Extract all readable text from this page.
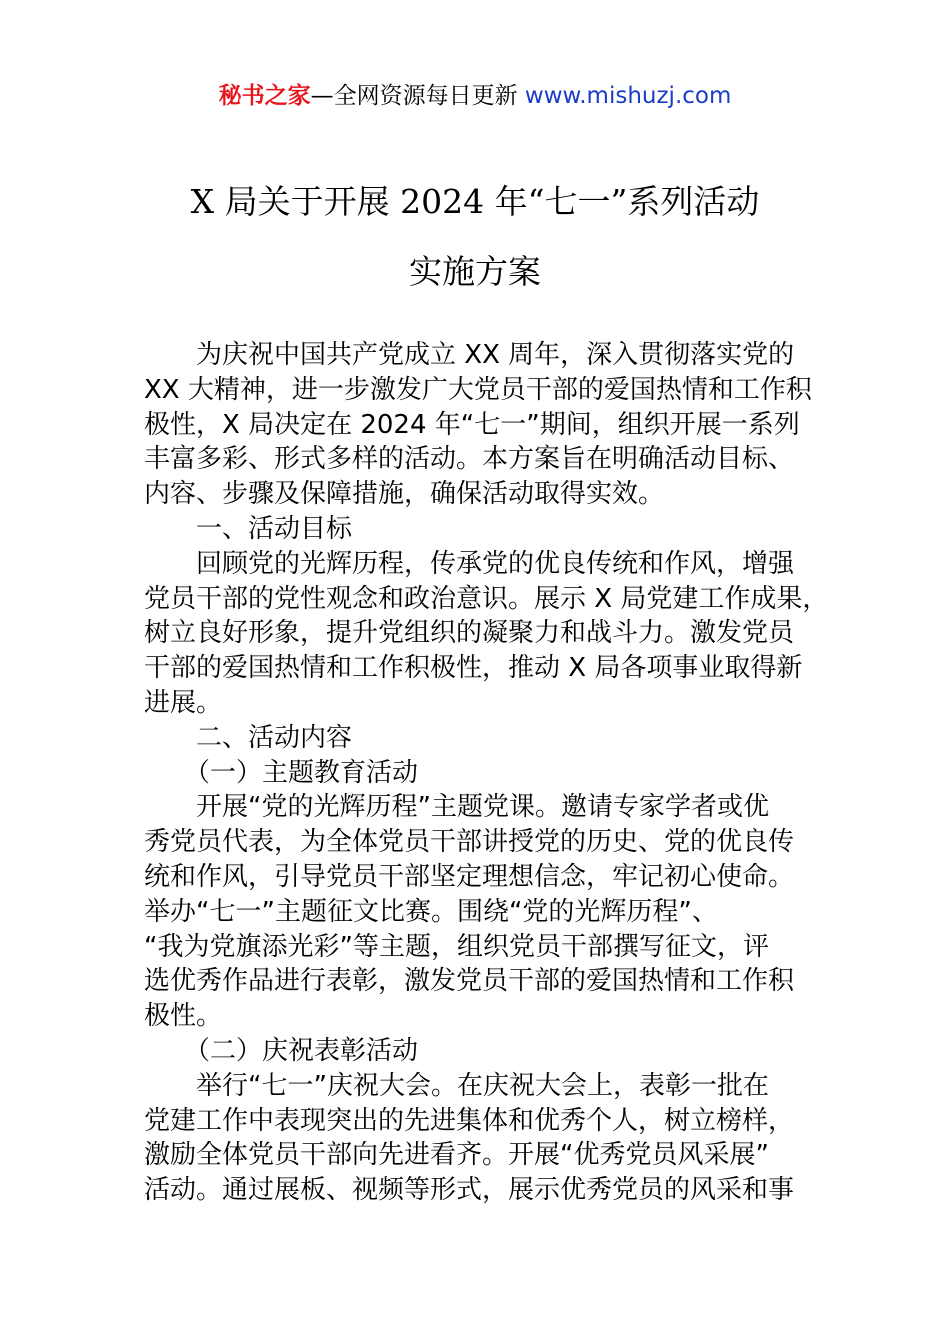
秘书之家—全网资源每日更新 www.mishuzj.com
X 局关于开展 2024 年“七一”系列活动
实施方案
为庆祝中国共产党成立 XX 周年，深入贯彻落实党的
XX 大精神，进一步激发广大党员干部的爱国热情和工作积
极性，X 局决定在 2024 年“七一”期间，组织开展一系列
丰富多彩、形式多样的活动。本方案旨在明确活动目标、
内容、步骤及保障措施，确保活动取得实效。
一、活动目标
回顾党的光辉历程，传承党的优良传统和作风，增强
党员干部的党性观念和政治意识。展示 X 局党建工作成果，
树立良好形象，提升党组织的凝聚力和战斗力。激发党员
干部的爱国热情和工作积极性，推动 X 局各项事业取得新
进展。
二、活动内容
（一）主题教育活动
开展“党的光辉历程”主题党课。邀请专家学者或优
秀党员代表，为全体党员干部讲授党的历史、党的优良传
统和作风，引导党员干部坚定理想信念，牢记初心使命。
举办“七一”主题征文比赛。围绕“党的光辉历程”、
“我为党旗添光彩”等主题，组织党员干部撰写征文，评
选优秀作品进行表彰，激发党员干部的爱国热情和工作积
极性。
（二）庆祝表彰活动
举行“七一”庆祝大会。在庆祝大会上，表彰一批在
党建工作中表现突出的先进集体和优秀个人，树立榜样，
激励全体党员干部向先进看齐。开展“优秀党员风采展”
活动。通过展板、视频等形式，展示优秀党员的风采和事
